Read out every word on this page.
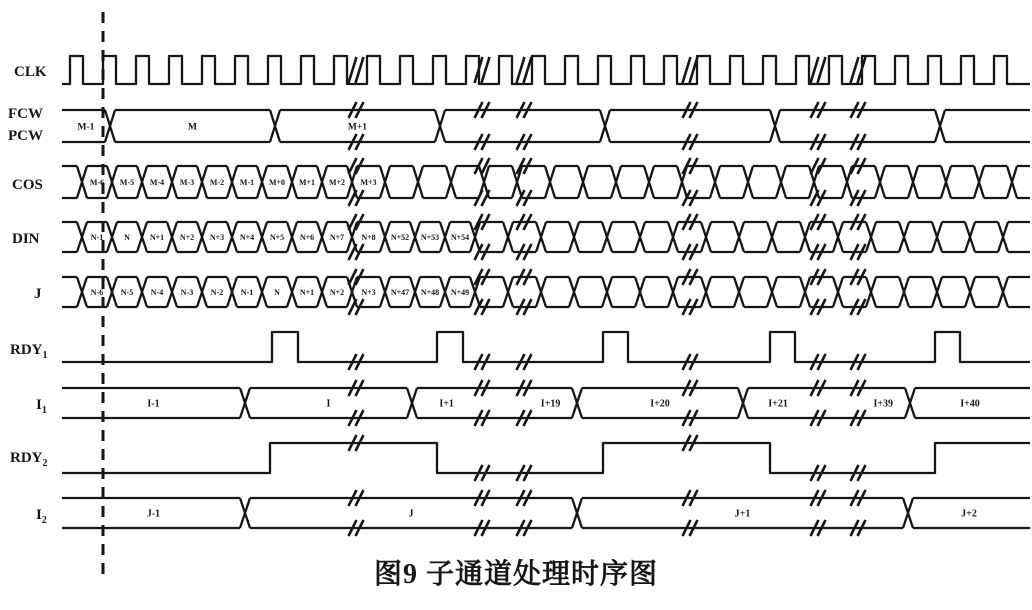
CLK
FCW
PCW
M-1	M	M+1
COS	M-6 M-5 M-4 M-3 M-2 M-1 M+0 M+1 M+2 M+3
DIN	N-1	N N+1 N+2 N+3 N+4 N+5 N+6 N+7 N+8 N+52 N+53 N+54
J	N-6 N-5 N-4 N-3 N-2 N-1	N N+1 N+2 N+3 N+47 N+48 N+49
$RDY_1$
$I_1$
I-1	I	I+1	I+19	I+20	I+21	I+39	I+40
$RDY_2$
$I_2$
J-1	J	J+1	J+2
图9 子通道处理时序图
